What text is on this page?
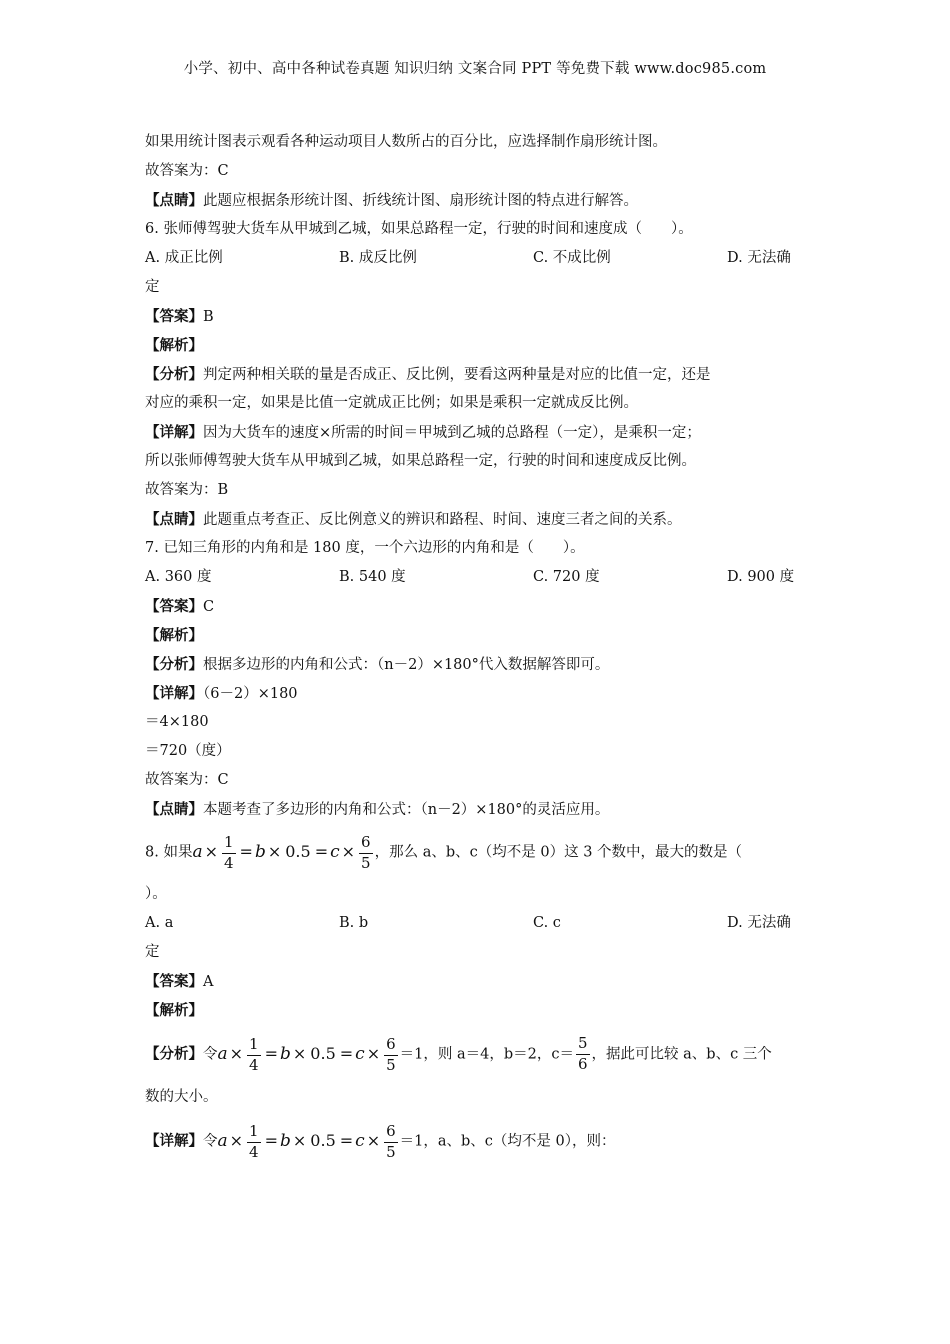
小学、初中、高中各种试卷真题 知识归纳 文案合同 PPT 等免费下载 www.doc985.com
如果用统计图表示观看各种运动项目人数所占的百分比，应选择制作扇形统计图。
故答案为：C
【点睛】此题应根据条形统计图、折线统计图、扇形统计图的特点进行解答。
6. 张师傅驾驶大货车从甲城到乙城，如果总路程一定，行驶的时间和速度成（　　）。
A. 成正比例	B. 成反比例	C. 不成比例	D. 无法确
定
【答案】B
【解析】
【分析】判定两种相关联的量是否成正、反比例，要看这两种量是对应的比值一定，还是
对应的乘积一定，如果是比值一定就成正比例；如果是乘积一定就成反比例。
【详解】因为大货车的速度×所需的时间＝甲城到乙城的总路程（一定），是乘积一定；
所以张师傅驾驶大货车从甲城到乙城，如果总路程一定，行驶的时间和速度成反比例。
故答案为：B
【点睛】此题重点考查正、反比例意义的辨识和路程、时间、速度三者之间的关系。
7. 已知三角形的内角和是 180 度，一个六边形的内角和是（　　）。
A. 360 度	B. 540 度	C. 720 度	D. 900 度
【答案】C
【解析】
【分析】根据多边形的内角和公式：（n－2）×180°代入数据解答即可。
【详解】（6－2）×180
＝4×180
＝720（度）
故答案为：C
【点睛】本题考查了多边形的内角和公式：（n－2）×180°的灵活应用。
8. 如果$a \times \frac{1}{4} = b \times 0.5 = c \times \frac{6}{5}$ ，那么 a、b、c（均不是 0）这 3 个数中，最大的数是（
）。
A. a	B. b	C. c	D. 无法确
定
【答案】A
【解析】
【分析】令$a \times \frac{1}{4} = b \times 0.5 = c \times \frac{6}{5} =1$，则 a＝4，b＝2，$c= \frac{5}{6}$ ，据此可比较 a、b、c 三个
数的大小。
【详解】令$a \times \frac{1}{4} = b \times 0.5 = c \times \frac{6}{5} =1$，a、b、c（均不是 0），则：
